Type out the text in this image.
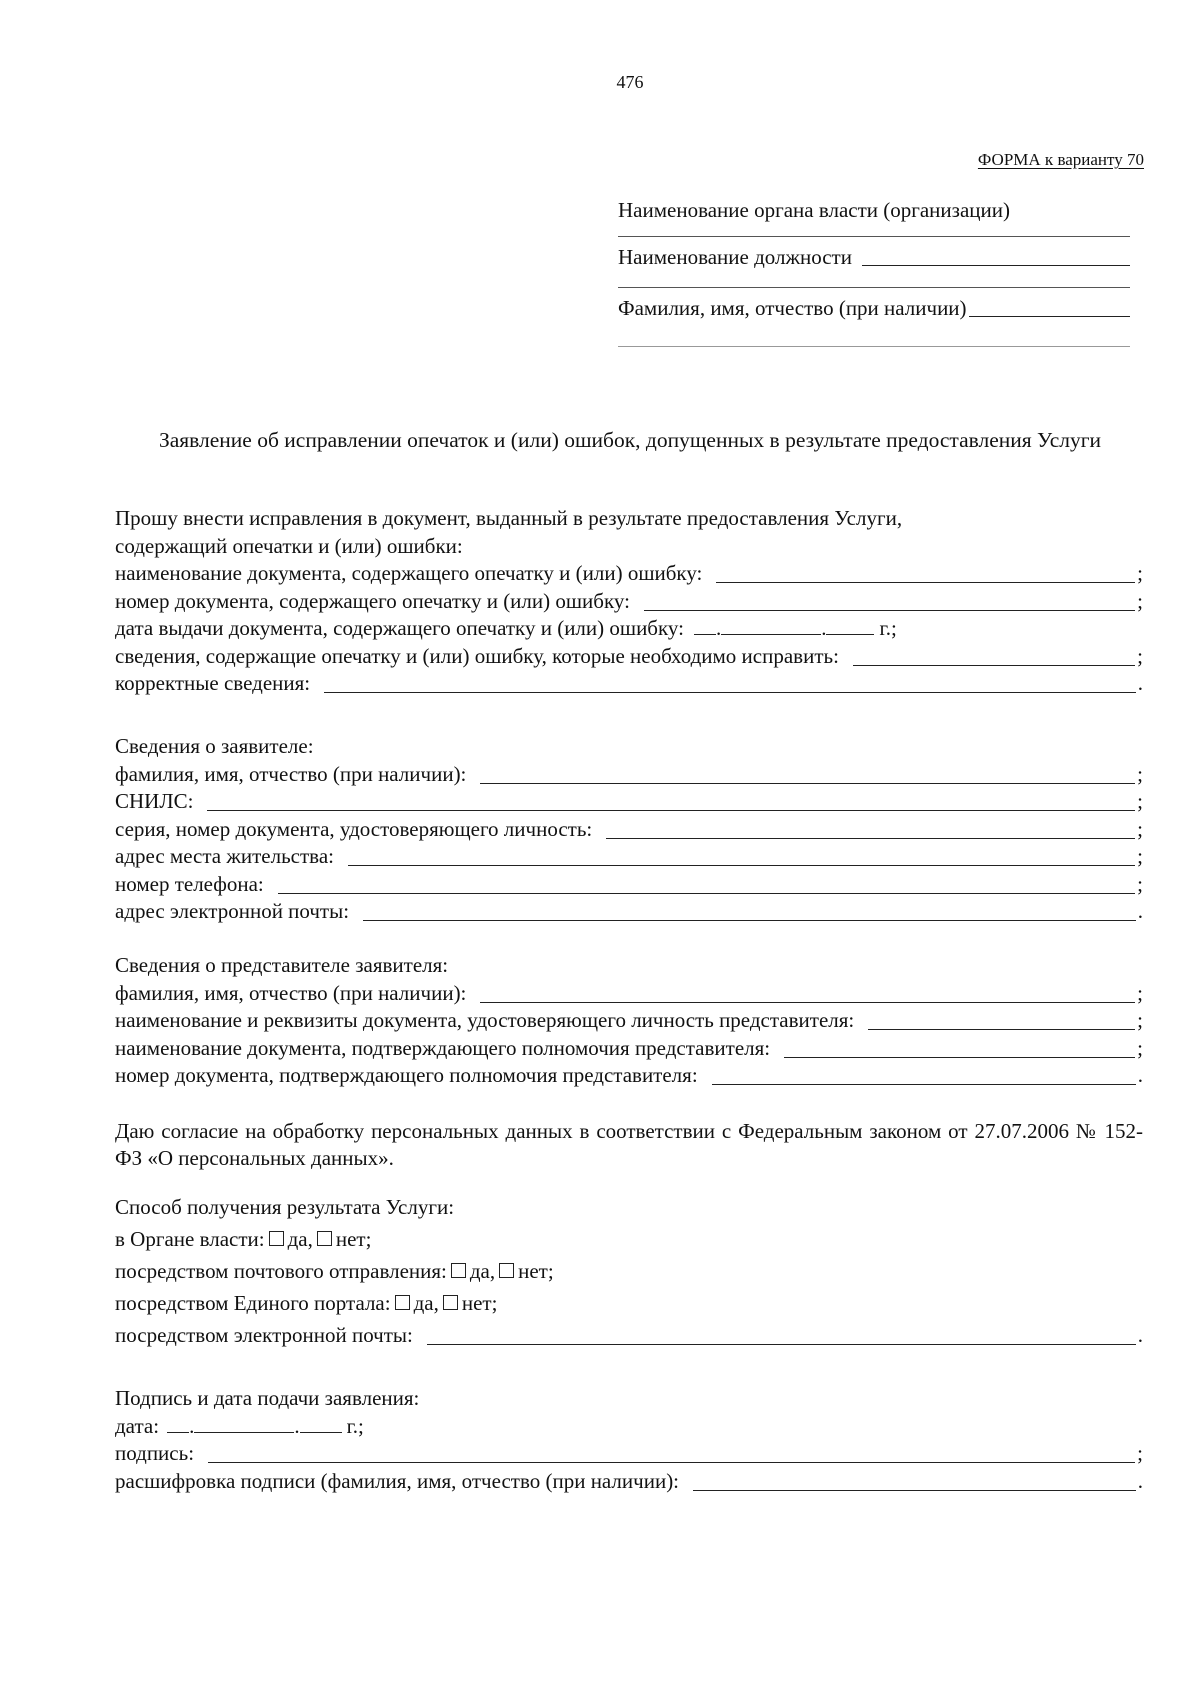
476
ФОРМА к варианту 70
Наименование органа власти (организации)
Наименование должности
Фамилия, имя, отчество (при наличии)
Заявление об исправлении опечаток и (или) ошибок, допущенных в результате предоставления Услуги
Прошу внести исправления в документ, выданный в результате предоставления Услуги,
содержащий опечатки и (или) ошибки:
наименование документа, содержащего опечатку и (или) ошибку:	;
номер документа, содержащего опечатку и (или) ошибку:	;
дата выдачи документа, содержащего опечатку и (или) ошибку: .	.	г.;
сведения, содержащие опечатку и (или) ошибку, которые необходимо исправить:	;
корректные сведения:	.
Сведения о заявителе:
фамилия, имя, отчество (при наличии):	;
СНИЛС:	;
серия, номер документа, удостоверяющего личность:	;
адрес места жительства:	;
номер телефона:	;
адрес электронной почты:	.
Сведения о представителе заявителя:
фамилия, имя, отчество (при наличии):	;
наименование и реквизиты документа, удостоверяющего личность представителя:	;
наименование документа, подтверждающего полномочия представителя:	;
номер документа, подтверждающего полномочия представителя:	.
Даю согласие на обработку персональных данных в соответствии с Федеральным законом от 27.07.2006 № 152-ФЗ «О персональных данных».
Способ получения результата Услуги:
в Органе власти: да, нет;
посредством почтового отправления: да, нет;
посредством Единого портала: да, нет;
посредством электронной почты:	.
Подпись и дата подачи заявления:
дата: .	. г.;
подпись:	;
расшифровка подписи (фамилия, имя, отчество (при наличии):	.
